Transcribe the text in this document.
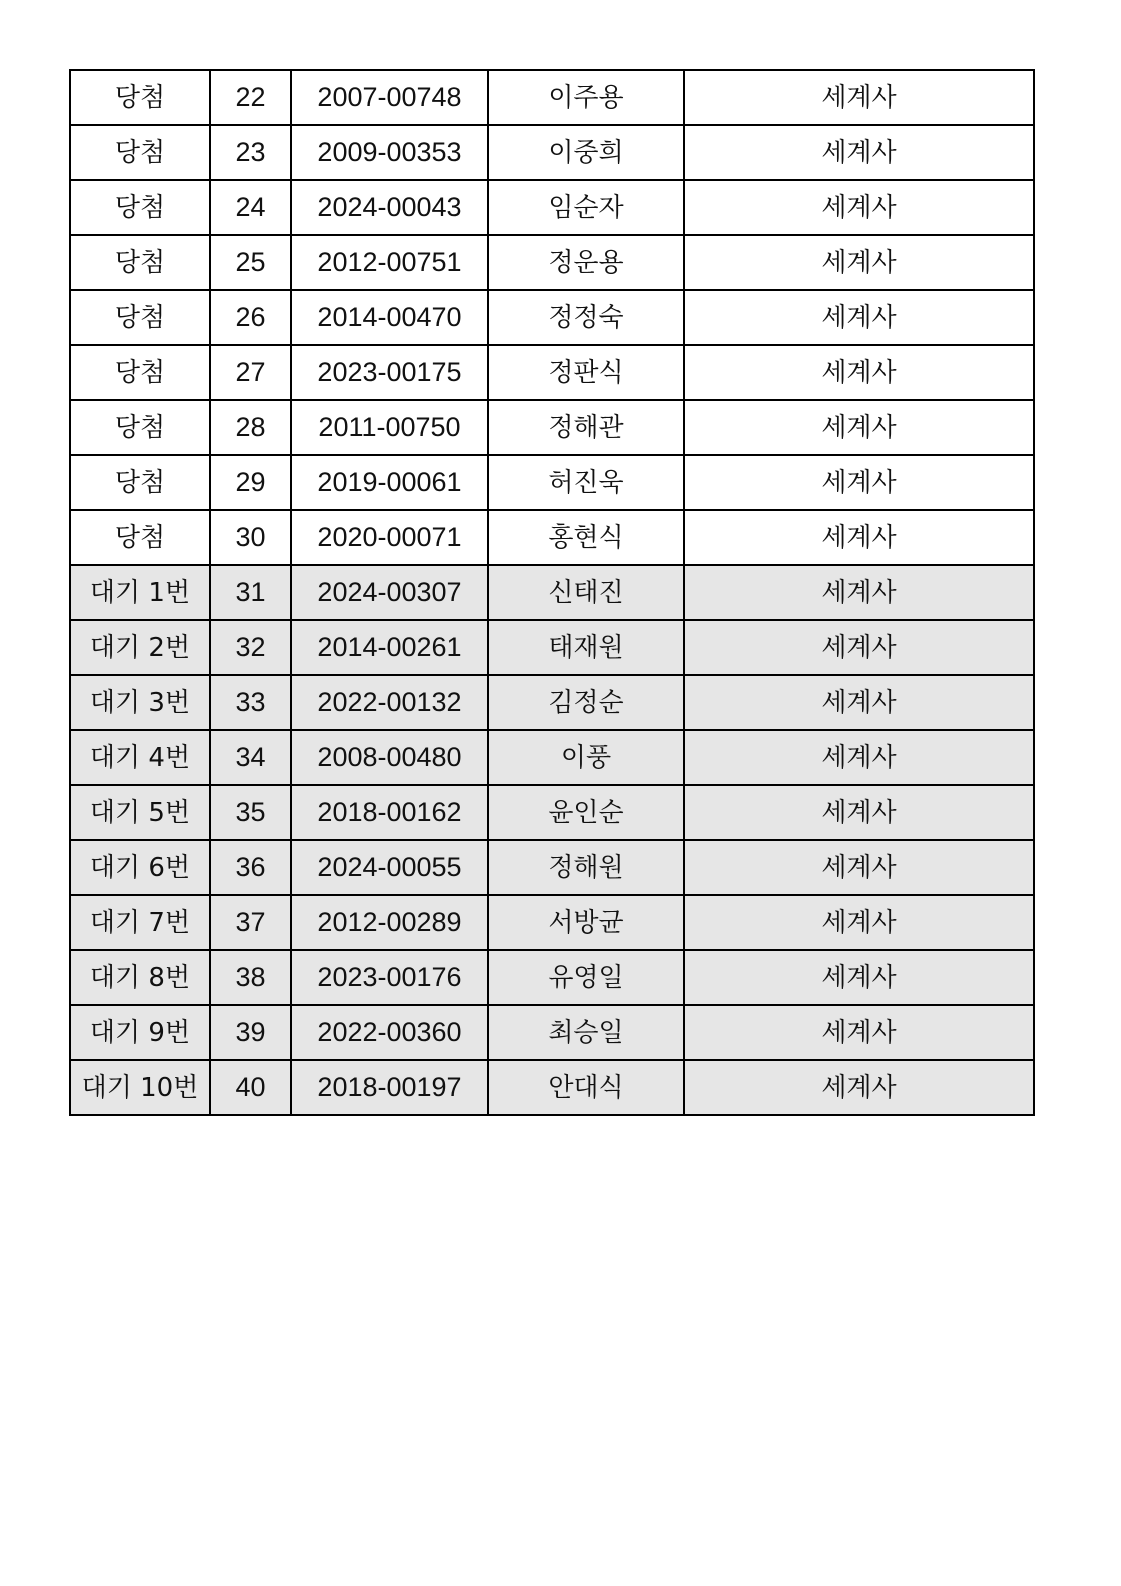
당첨	22	2007-00748	이주용	세계사
당첨	23	2009-00353	이중희	세계사
당첨	24	2024-00043	임순자	세계사
당첨	25	2012-00751	정운용	세계사
당첨	26	2014-00470	정정숙	세계사
당첨	27	2023-00175	정판식	세계사
당첨	28	2011-00750	정해관	세계사
당첨	29	2019-00061	허진욱	세계사
당첨	30	2020-00071	홍현식	세계사
대기 1번	31	2024-00307	신태진	세계사
대기 2번	32	2014-00261	태재원	세계사
대기 3번	33	2022-00132	김정순	세계사
대기 4번	34	2008-00480	이풍	세계사
대기 5번	35	2018-00162	윤인순	세계사
대기 6번	36	2024-00055	정해원	세계사
대기 7번	37	2012-00289	서방균	세계사
대기 8번	38	2023-00176	유영일	세계사
대기 9번	39	2022-00360	최승일	세계사
대기 10번	40	2018-00197	안대식	세계사
